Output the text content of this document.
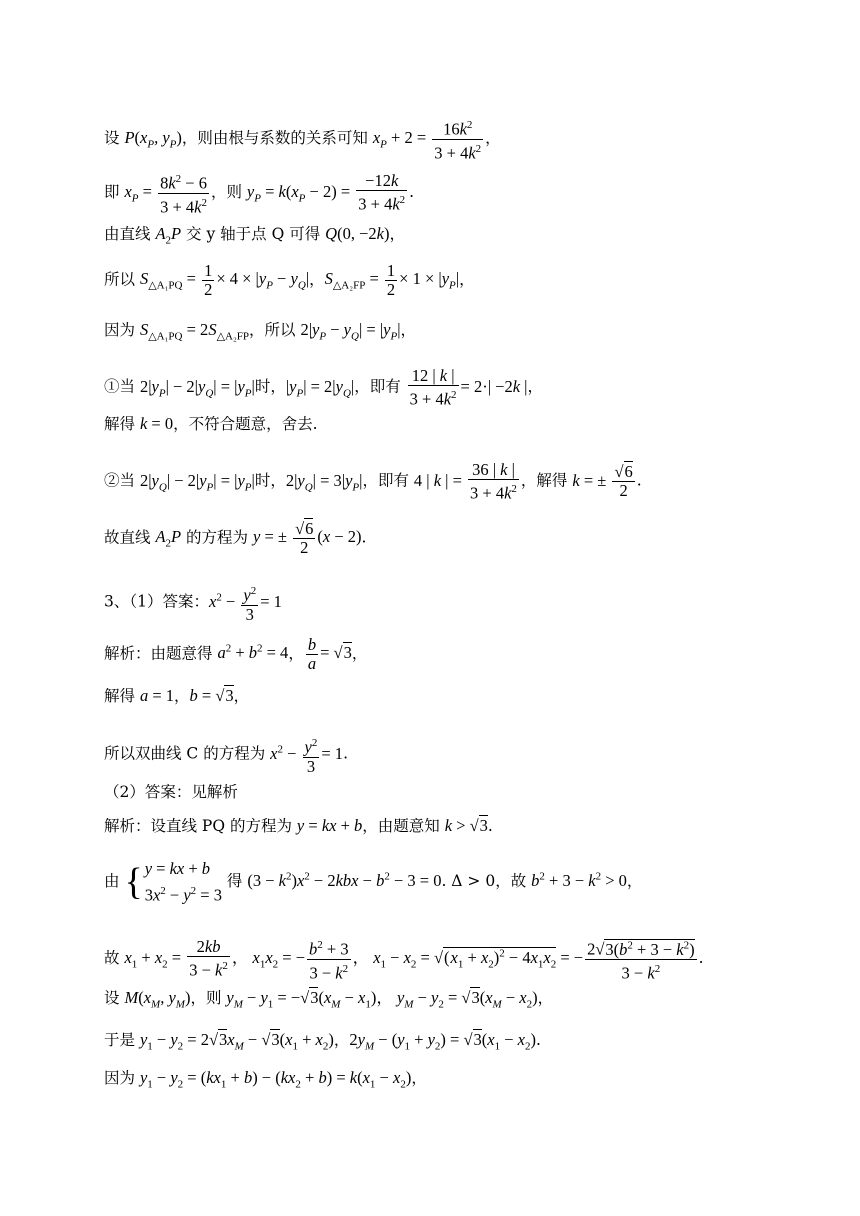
设 $P(x_P$, $y_P$)，则由根与系数的关系可知 $x_P + 2 = \frac{16k^2}{3 + 4k^2}$ ，
即 $x_P = \frac{8k^2 - 6}{3 + 4k^2}$ ，则 $y_P = k(x_P - 2) = \frac{-12k}{3 + 4k^2}$ .
由直线 $A_2P$ 交 y 轴于点 Q 可得 Q(0, −2k)，
所以 $S_{\triangle A_1PQ} = \frac{1}{2} \times 4 \times |y_P - y_Q|$，$S_{\triangle A_2FP} = \frac{1}{2} \times 1 \times |y_P|$，
因为 $S_{\triangle A_1PQ} = 2S_{\triangle A_2FP}$，所以 $2|y_P - y_Q| = |y_P|$，
①当 $2|y_P| - 2|y_Q| = |y_P|$时，$|y_P| = 2|y_Q|$，即有 $\frac{12 | k |}{3 + 4k^2} = 2\cdot| -2k$ |，
解得 k = 0，不符合题意，舍去.
②当 $2|y_Q| - 2|y_P| = |y_P|$时，$2|y_Q| = 3|y_P|$，即有 4 | k | = $\frac{36 | k |}{3 + 4k^2}$ ，解得 k = ± $\frac{√6}{2}$ .
故直线 $A_2P$ 的方程为 y = ± $\frac{√6}{2} (x - 2)$.
3、（1）答案：$x^2 - \frac{y^2}{3} = 1$
解析：由题意得 $a^2 + b^2 = 4$， $\frac{b}{a} = √3$，
解得 a = 1，b = √3，
所以双曲线 C 的方程为 $x^2 - \frac{y^2}{3} = 1$.
（2）答案：见解析
解析：设直线 PQ 的方程为 y = kx + b，由题意知 k > √3.
由 { y = kx + b
$3x^2 - y^2 = 3$ 得 $(3 - k^2)x^2 - 2kbx - b^2 - 3 = 0$. Δ > 0，故 $b^2 + 3 - k^2 > 0$，
故 $x_1 + x_2 = \frac{2kb}{3 - k^2}$ ， $x_1x_2$ = − $\frac{b^2 + 3}{3 - k^2}$ ， $x_1 - x_2 = √(x_1 + x_2)^2 - 4x_1x_2$ = − $\frac{2√3(b^2 + 3 - k^2)}{3 - k^2}$ .
设 $M(x_M$, $y_M$)，则 $y_M - y_1 = -√3(x_M - x_1)$， $y_M - y_2 = √3(x_M - x_2)$，
于是 $y_1 - y_2 = 2√3x_M - √3(x_1 + x_2)$，$2y_M - (y_1 + y_2) = √3(x_1 - x_2)$.
因为 $y_1 - y_2 = (kx_1 + b) - (kx_2 + b) = k(x_1 - x_2)$，
